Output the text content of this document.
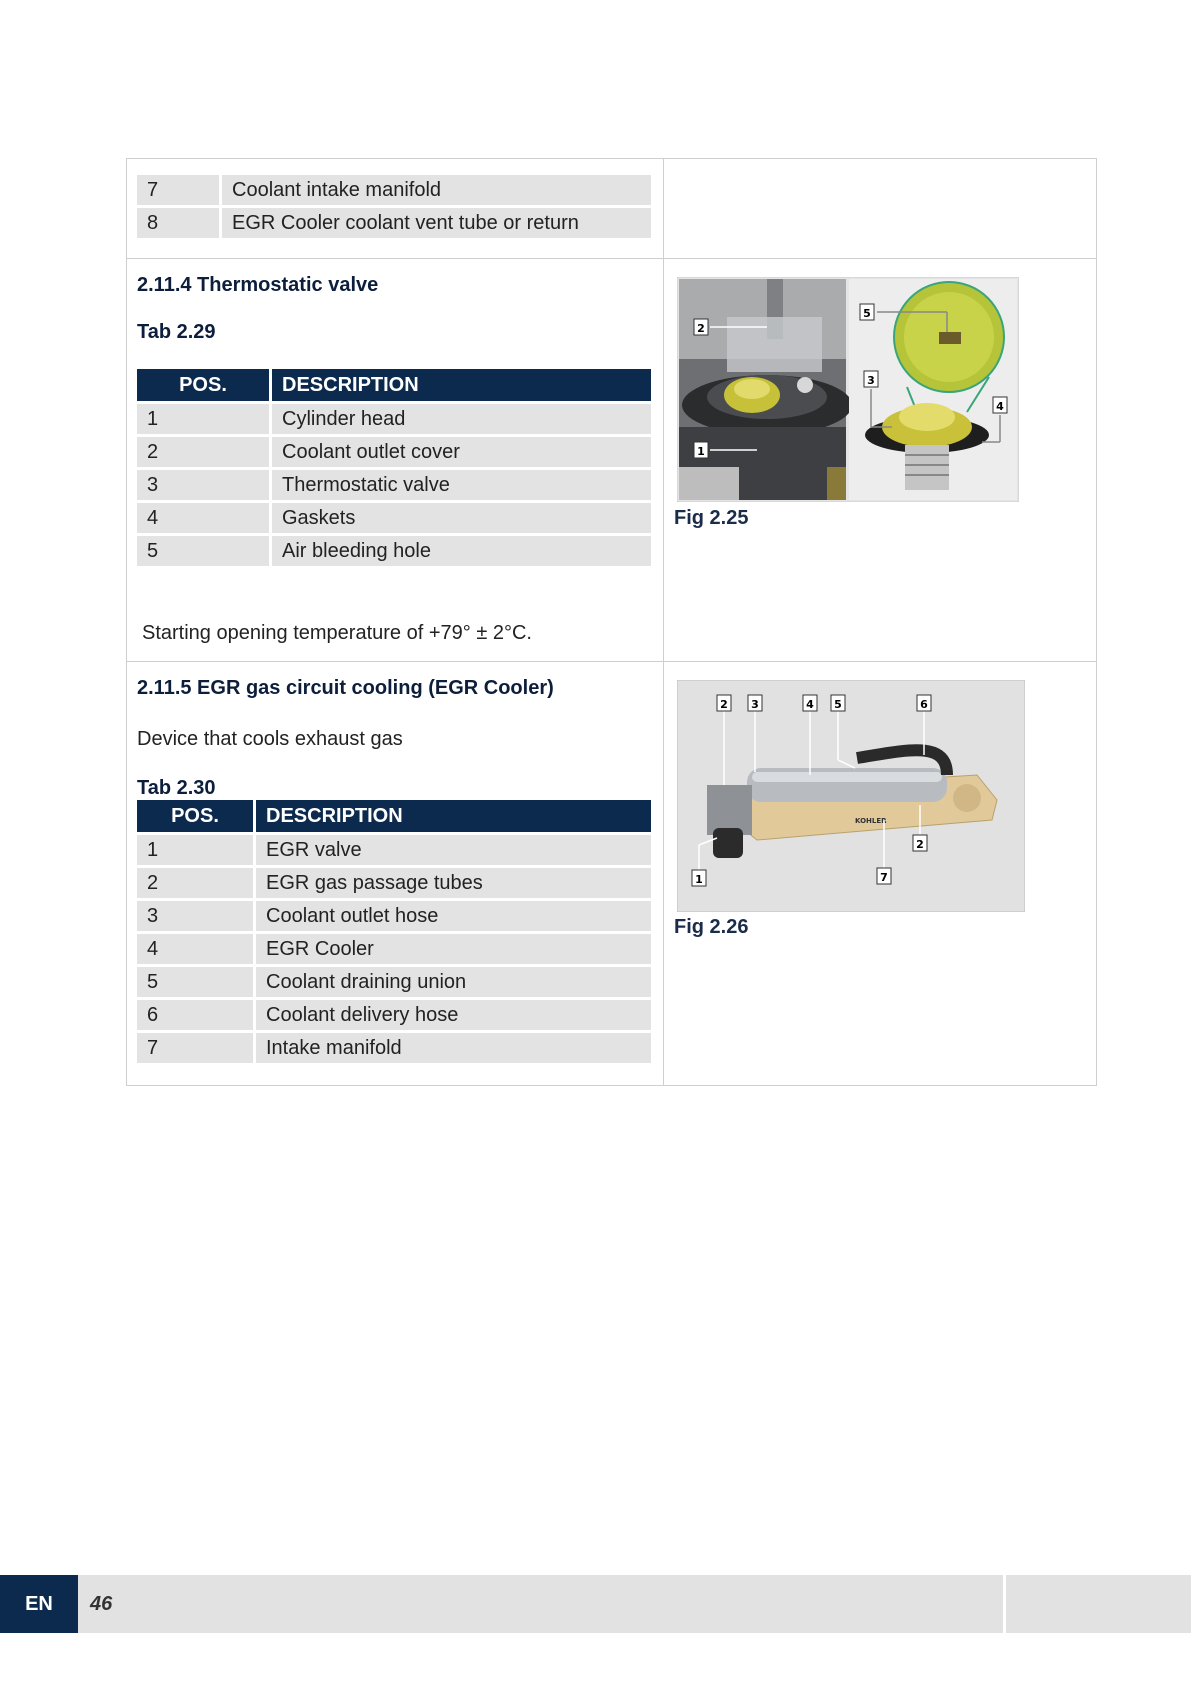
7	Coolant intake manifold
8	EGR Cooler coolant vent tube or return
2.11.4 Thermostatic valve
Tab 2.29
POS.	DESCRIPTION
1	Cylinder head
2	Coolant outlet cover
3	Thermostatic valve
4	Gaskets
5	Air bleeding hole
Starting opening temperature of +79° ± 2°C.
2
1
5
3
4
Fig 2.25
2.11.5 EGR gas circuit cooling (EGR Cooler)
Device that cools exhaust gas
Tab 2.30
POS.	DESCRIPTION
1	EGR valve
2	EGR gas passage tubes
3	Coolant outlet hose
4	EGR Cooler
5	Coolant draining union
6	Coolant delivery hose
7	Intake manifold
KOHLER
2 3	4 5	6
1	7
2
Fig 2.26
EN	46
